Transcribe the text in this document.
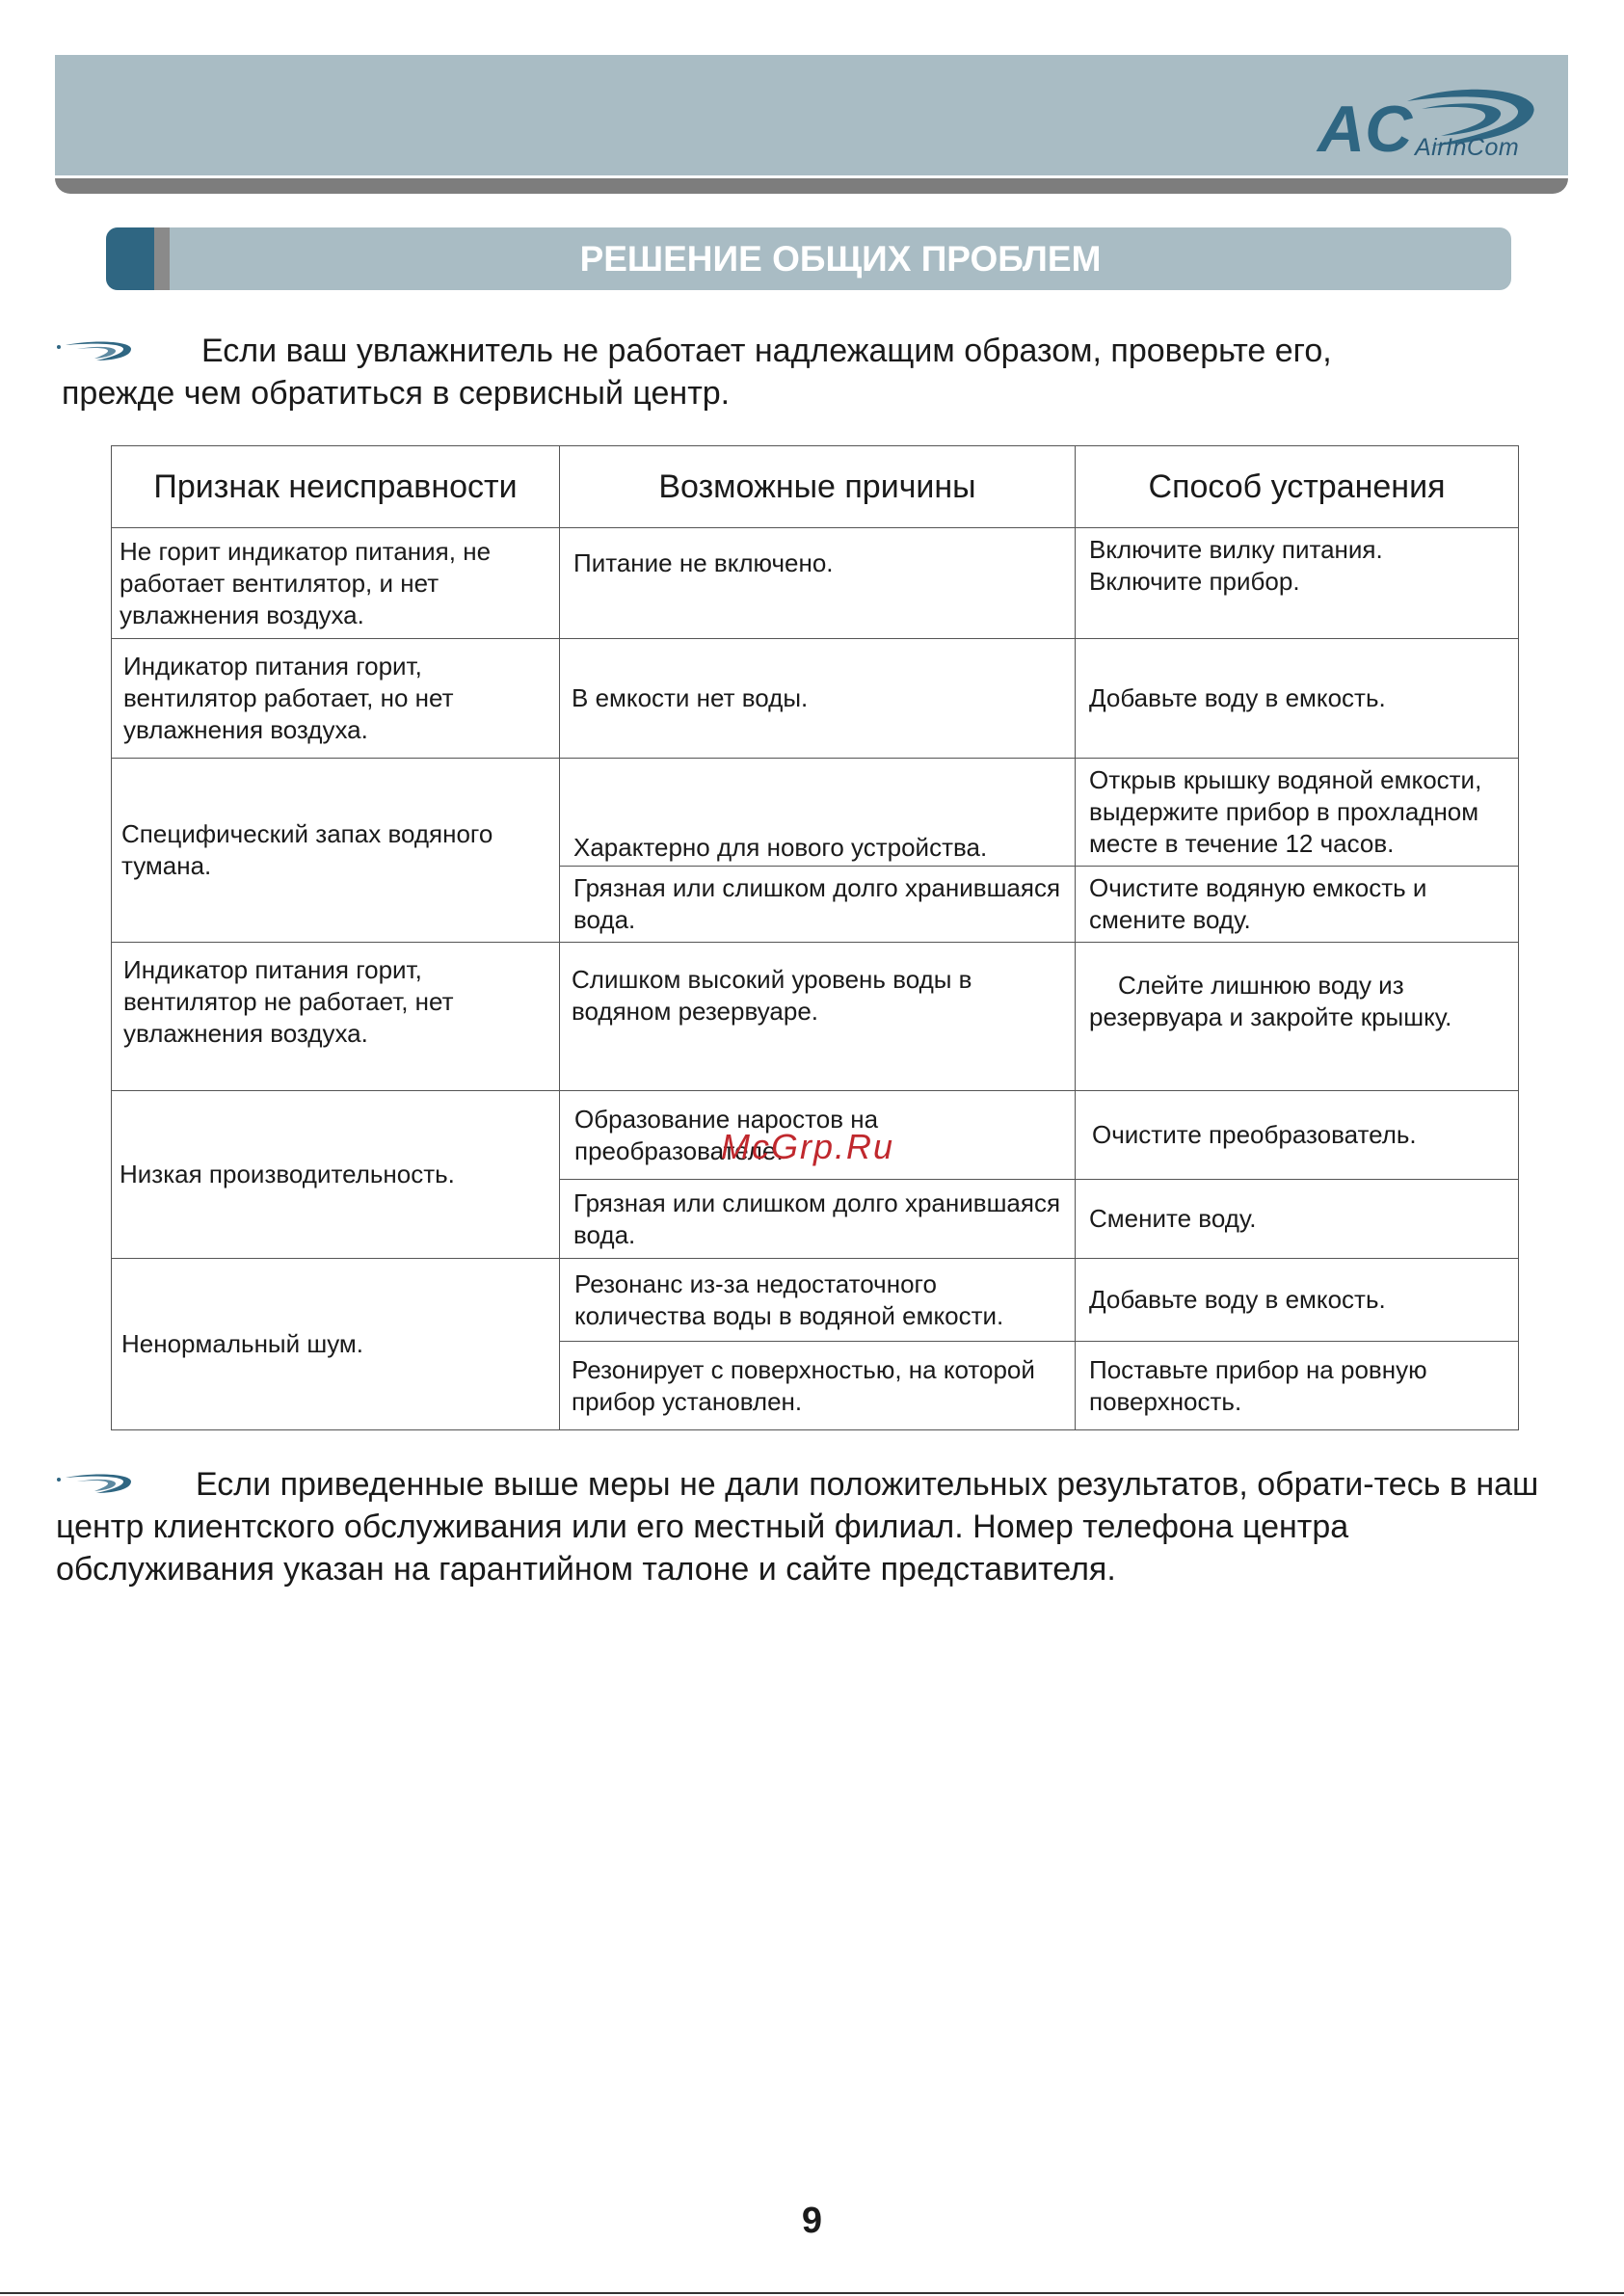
AC AirInCom
РЕШЕНИЕ ОБЩИХ ПРОБЛЕМ

Если ваш увлажнитель не работает надлежащим образом, проверьте его, прежде чем обратиться в сервисный центр.

Признак неисправности	Возможные причины	Способ устранения
Не горит индикатор питания, не работает вентилятор, и нет увлажнения воздуха.	Питание не включено.	Включите вилку питания.
Включите прибор.
Индикатор питания горит, вентилятор работает, но нет увлажнения воздуха.	В емкости нет воды.	Добавьте воду в емкость.
Специфический запах водяного тумана.	Характерно для нового устройства.	Открыв крышку водяной емкости, выдержите прибор в прохладном месте в течение 12 часов.
	Грязная или слишком долго хранившаяся вода.	Очистите водяную емкость и смените воду.
Индикатор питания горит, вентилятор не работает, нет увлажнения воздуха.	Слишком высокий уровень воды в водяном резервуаре.	Слейте лишнюю воду из резервуара и закройте крышку.
Низкая производительность.	Образование наростов на преобразователе.	Очистите преобразователь.
	Грязная или слишком долго хранившаяся вода.	Смените воду.
Ненормальный шум.	Резонанс из-за недостаточного количества воды в водяной емкости.	Добавьте воду в емкость.
	Резонирует с поверхностью, на которой прибор установлен.	Поставьте прибор на ровную поверхность.
McGrp.Ru

Если приведенные выше меры не дали положительных результатов, обрати-тесь в наш центр клиентского обслуживания или его местный филиал. Номер телефона центра обслуживания указан на гарантийном талоне и сайте представителя.

9
